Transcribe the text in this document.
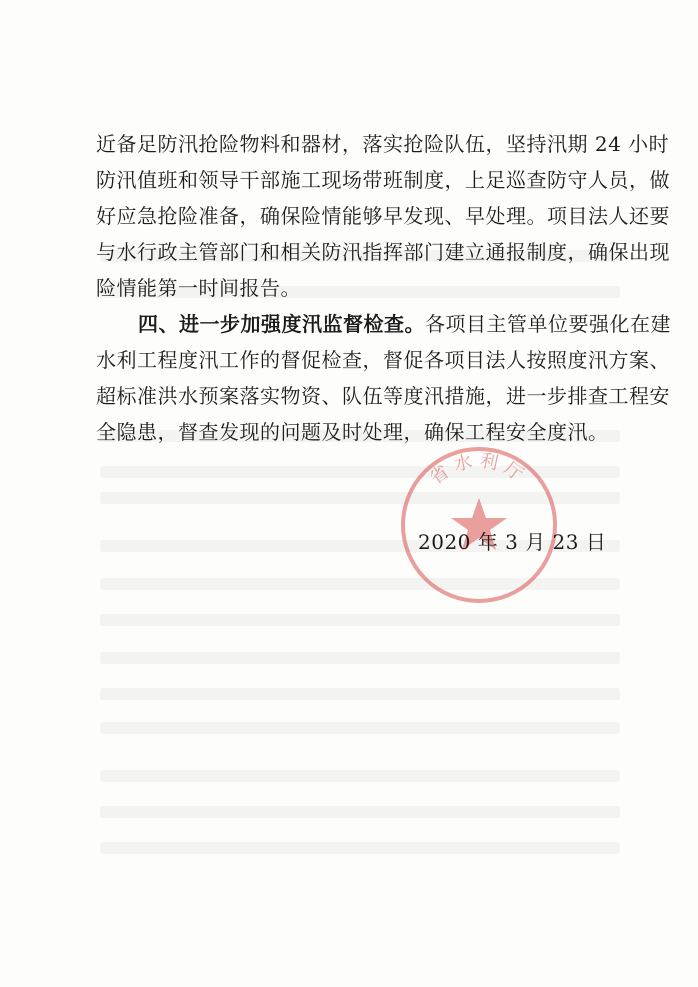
近备足防汛抢险物料和器材，落实抢险队伍，坚持汛期 24 小时
防汛值班和领导干部施工现场带班制度，上足巡查防守人员，做
好应急抢险准备，确保险情能够早发现、早处理。项目法人还要
与水行政主管部门和相关防汛指挥部门建立通报制度，确保出现
险情能第一时间报告。
四、进一步加强度汛监督检查。各项目主管单位要强化在建
水利工程度汛工作的督促检查，督促各项目法人按照度汛方案、
超标准洪水预案落实物资、队伍等度汛措施，进一步排查工程安
全隐患，督查发现的问题及时处理，确保工程安全度汛。
省水利厅
2020 年 3 月 23 日
